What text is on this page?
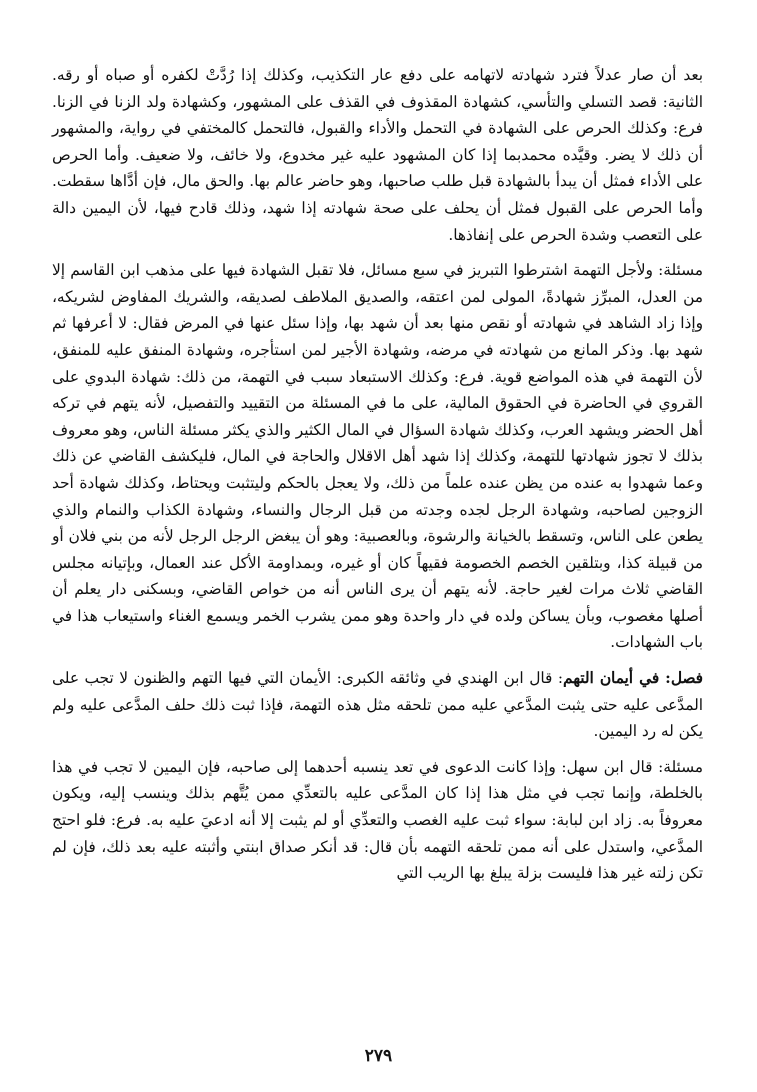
بعد أن صار عدلاً فترد شهادته لاتهامه على دفع عار التكذيب، وكذلك إذا رُدَّتْ لكفره أو صباه أو رقه. الثانية: قصد التسلي والتأسي، كشهادة المقذوف في القذف على المشهور، وكشهادة ولد الزنا في الزنا. فرع: وكذلك الحرص على الشهادة في التحمل والأداء والقبول، فالتحمل كالمختفي في رواية، والمشهور أن ذلك لا يضر. وقيَّده محمدبما إذا كان المشهود عليه غير مخدوع، ولا خائف، ولا ضعيف. وأما الحرص على الأداء فمثل أن يبدأ بالشهادة قبل طلب صاحبها، وهو حاضر عالم بها. والحق مال، فإن أدَّاها سقطت. وأما الحرص على القبول فمثل أن يحلف على صحة شهادته إذا شهد، وذلك قادح فيها، لأن اليمين دالة على التعصب وشدة الحرص على إنفاذها.

مسئلة: ولأجل التهمة اشترطوا التبريز في سبع مسائل، فلا تقبل الشهادة فيها على مذهب ابن القاسم إلا من العدل، المبرِّز شهادةً، المولى لمن اعتقه، والصديق الملاطف لصديقه، والشريك المفاوض لشريكه، وإذا زاد الشاهد في شهادته أو نقص منها بعد أن شهد بها، وإذا سئل عنها في المرض فقال: لا أعرفها ثم شهد بها. وذكر المانع من شهادته في مرضه، وشهادة الأجير لمن استأجره، وشهادة المنفق عليه للمنفق، لأن التهمة في هذه المواضع قوية. فرع: وكذلك الاستبعاد سبب في التهمة، من ذلك: شهادة البدوي على القروي في الحاضرة في الحقوق المالية، على ما في المسئلة من التقييد والتفصيل، لأنه يتهم في تركه أهل الحضر ويشهد العرب، وكذلك شهادة السؤال في المال الكثير والذي يكثر مسئلة الناس، وهو معروف بذلك لا تجوز شهادتها للتهمة، وكذلك إذا شهد أهل الاقلال والحاجة في المال، فليكشف القاضي عن ذلك وعما شهدوا به عنده من يظن عنده علماً من ذلك، ولا يعجل بالحكم وليتثبت ويحتاط، وكذلك شهادة أحد الزوجين لصاحبه، وشهادة الرجل لجده وجدته من قبل الرجال والنساء، وشهادة الكذاب والنمام والذي يطعن على الناس، وتسقط بالخيانة والرشوة، وبالعصبية: وهو أن يبغض الرجل الرجل لأنه من بني فلان أو من قبيلة كذا، وبتلقين الخصم الخصومة فقيهاً كان أو غيره، وبمداومة الأكل عند العمال، وبإتيانه مجلس القاضي ثلاث مرات لغير حاجة. لأنه يتهم أن يرى الناس أنه من خواص القاضي، وبسكنى دار يعلم أن أصلها مغصوب، وبأن يساكن ولده في دار واحدة وهو ممن يشرب الخمر ويسمع الغناء واستيعاب هذا في باب الشهادات.

فصل: في أيمان التهم: قال ابن الهندي في وثائقه الكبرى: الأيمان التي فيها التهم والظنون لا تجب على المدَّعى عليه حتى يثبت المدَّعي عليه ممن تلحقه مثل هذه التهمة، فإذا ثبت ذلك حلف المدَّعى عليه ولم يكن له رد اليمين.

مسئلة: قال ابن سهل: وإذا كانت الدعوى في تعد ينسبه أحدهما إلى صاحبه، فإن اليمين لا تجب في هذا بالخلطة، وإنما تجب في مثل هذا إذا كان المدَّعى عليه بالتعدِّي ممن يُتَّهم بذلك وينسب إليه، ويكون معروفاً به. زاد ابن لبابة: سواء ثبت عليه الغصب والتعدِّي أو لم يثبت إلا أنه ادعيَ عليه به. فرع: فلو احتج المدَّعي، واستدل على أنه ممن تلحقه التهمه بأن قال: قد أنكر صداق ابنتي وأثبته عليه بعد ذلك، فإن لم تكن زلته غير هذا فليست بزلة يبلغ بها الريب التي

٢٧٩
